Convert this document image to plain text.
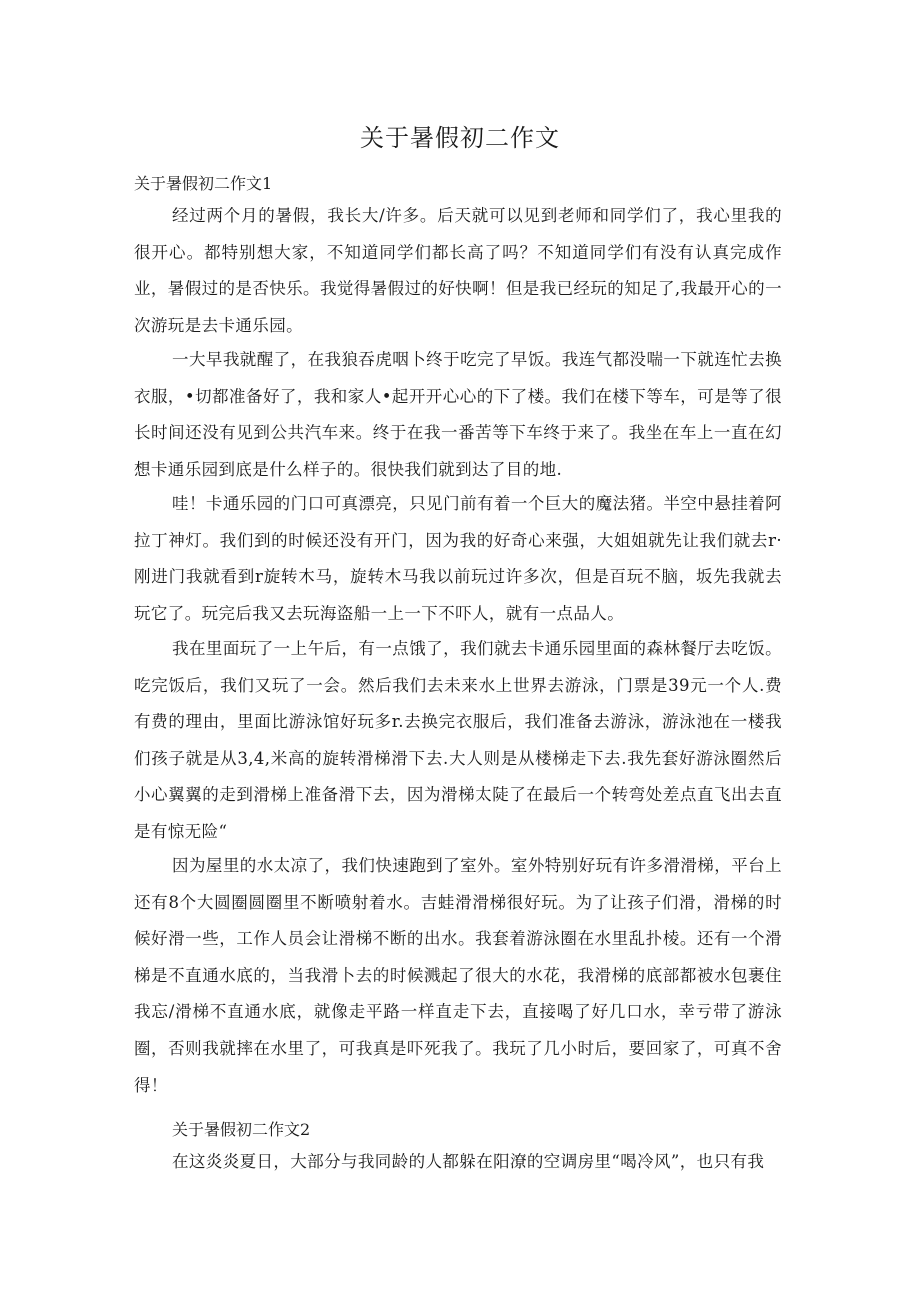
关于暑假初二作文

关于暑假初二作文1

经过两个月的暑假，我长大/许多。后天就可以见到老师和同学们了，我心里我的很开心。都特别想大家，不知道同学们都长高了吗？不知道同学们有没有认真完成作业，暑假过的是否快乐。我觉得暑假过的好快啊！但是我已经玩的知足了,我最开心的一次游玩是去卡通乐园。

一大早我就醒了，在我狼吞虎咽卜终于吃完了早饭。我连气都没喘一下就连忙去换衣服，•切都准备好了，我和家人•起开开心心的下了楼。我们在楼下等车，可是等了很长时间还没有见到公共汽车来。终于在我一番苦等下车终于来了。我坐在车上一直在幻想卡通乐园到底是什么样子的。很快我们就到达了目的地.

哇！卡通乐园的门口可真漂亮，只见门前有着一个巨大的魔法猪。半空中悬挂着阿拉丁神灯。我们到的时候还没有开门，因为我的好奇心来强，大姐姐就先让我们就去r·刚进门我就看到r旋转木马，旋转木马我以前玩过许多次，但是百玩不脑，坂先我就去玩它了。玩完后我又去玩海盗船一上一下不吓人，就有一点品人。

我在里面玩了一上午后，有一点饿了，我们就去卡通乐园里面的森林餐厅去吃饭。吃完饭后，我们又玩了一会。然后我们去未来水上世界去游泳，门票是39元一个人.费有费的理由，里面比游泳馆好玩多r.去换完衣服后，我们准备去游泳，游泳池在一楼我们孩子就是从3,4,米高的旋转滑梯滑下去.大人则是从楼梯走下去.我先套好游泳圈然后小心翼翼的走到滑梯上准备滑下去，因为滑梯太陡了在最后一个转弯处差点直飞出去直是有惊无险“

因为屋里的水太凉了，我们快速跑到了室外。室外特别好玩有许多滑滑梯，平台上还有8个大圆圈圆圈里不断喷射着水。吉蛙滑滑梯很好玩。为了让孩子们滑，滑梯的时候好滑一些，工作人员会让滑梯不断的出水。我套着游泳圈在水里乱扑棱。还有一个滑梯是不直通水底的，当我滑卜去的时候溅起了很大的水花，我滑梯的底部都被水包裹住我忘/滑梯不直通水底，就像走平路一样直走下去，直接喝了好几口水，幸亏带了游泳圈，否则我就摔在水里了，可我真是吓死我了。我玩了几小时后，要回家了，可真不舍得！

关于暑假初二作文2

在这炎炎夏日，大部分与我同龄的人都躲在阳潦的空调房里“喝冷风”，也只有我
